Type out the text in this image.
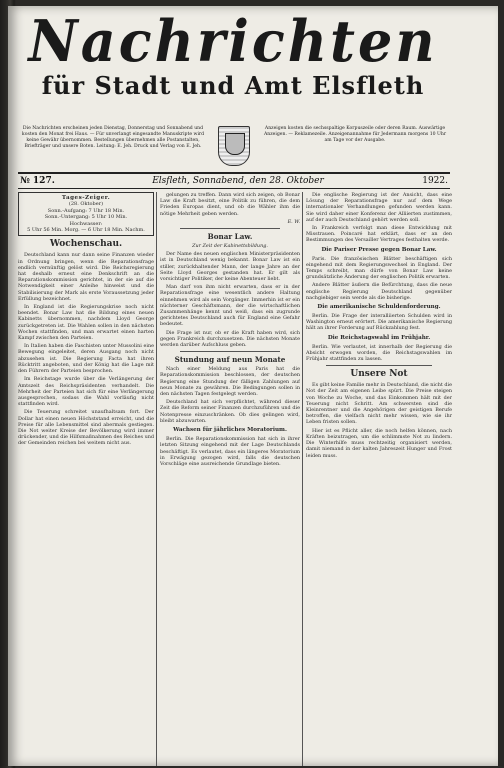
Nachrichten
für Stadt und Amt Elsfleth
Die Nachrichten erscheinen jeden Dienstag, Donnerstag und Sonnabend und kosten den Monat frei Haus. — Für unverlangt eingesandte Manuskripte wird keine Gewähr übernommen. Bestellungen übernehmen alle Postanstalten, Briefträger und unsere Boten. Leitung: E. Jeh. Druck und Verlag von E. Jeh.
Anzeigen kosten die sechsspaltige Korpuszeile oder deren Raum. Auswärtige Anzeigen. — Reklamezeile. Anzeigenannahme für Jedermann morgens 10 Uhr am Tage vor der Ausgabe.
№ 127.	Elsfleth, Sonnabend, den 28. Oktober	1922.
Tages-Zeiger.
(28. Oktober)
Sonn.-Aufgang: 7 Uhr 18 Min.
Sonn.-Untergang: 5 Uhr 10 Min.
Hochwasser:
5 Uhr 56 Min. Morg. — 6 Uhr 18 Min. Nachm.
Wochenschau.

Deutschland kann nur dann seine Finanzen wieder in Ordnung bringen, wenn die Reparationsfrage endlich vernünftig gelöst wird. Die Reichsregierung hat deshalb erneut eine Denkschrift an die Reparationskommission gerichtet, in der sie auf die Notwendigkeit einer Anleihe hinweist und die Stabilisierung der Mark als erste Voraussetzung jeder Erfüllung bezeichnet.

In England ist die Regierungskrise noch nicht beendet. Bonar Law hat die Bildung eines neuen Kabinetts übernommen, nachdem Lloyd George zurückgetreten ist. Die Wahlen sollen in den nächsten Wochen stattfinden, und man erwartet einen harten Kampf zwischen den Parteien.

In Italien haben die Faschisten unter Mussolini eine Bewegung eingeleitet, deren Ausgang noch nicht abzusehen ist. Die Regierung Facta hat ihren Rücktritt angeboten, und der König hat die Lage mit den Führern der Parteien besprochen.

Im Reichstage wurde über die Verlängerung der Amtszeit des Reichspräsidenten verhandelt. Die Mehrheit der Parteien hat sich für eine Verlängerung ausgesprochen, sodass die Wahl vorläufig nicht stattfinden wird.

Die Teuerung schreitet unaufhaltsam fort. Der Dollar hat einen neuen Höchststand erreicht, und die Preise für alle Lebensmittel sind abermals gestiegen. Die Not weiter Kreise der Bevölkerung wird immer drückender, und die Hilfsmaßnahmen des Reiches und der Gemeinden reichen bei weitem nicht aus.

gelungen zu treffen. Dann wird sich zeigen, ob Bonar Law die Kraft besitzt, eine Politik zu führen, die dem Frieden Europas dient, und ob die Wähler ihm die nötige Mehrheit geben werden.

E. W.
Bonar Law.
Zur Zeit der Kabinettsbildung.

Der Name des neuen englischen Ministerpräsidenten ist in Deutschland wenig bekannt. Bonar Law ist ein stiller, zurückhaltender Mann, der lange Jahre an der Seite Lloyd Georges gestanden hat. Er gilt als vorsichtiger Politiker, der keine Abenteuer liebt.

Man darf von ihm nicht erwarten, dass er in der Reparationsfrage eine wesentlich andere Haltung einnehmen wird als sein Vorgänger. Immerhin ist er ein nüchterner Geschäftsmann, der die wirtschaftlichen Zusammenhänge kennt und weiß, dass ein zugrunde gerichtetes Deutschland auch für England eine Gefahr bedeutet.

Die Frage ist nur, ob er die Kraft haben wird, sich gegen Frankreich durchzusetzen. Die nächsten Monate werden darüber Aufschluss geben.

Stundung auf neun Monate

Nach einer Meldung aus Paris hat die Reparationskommission beschlossen, der deutschen Regierung eine Stundung der fälligen Zahlungen auf neun Monate zu gewähren. Die Bedingungen sollen in den nächsten Tagen festgelegt werden.

Deutschland hat sich verpflichtet, während dieser Zeit die Reform seiner Finanzen durchzuführen und die Notenpresse einzuschränken. Ob dies gelingen wird, bleibt abzuwarten.

Wachsen für jährliches Moratorium.

Berlin. Die Reparationskommission hat sich in ihrer letzten Sitzung eingehend mit der Lage Deutschlands beschäftigt. Es verlautet, dass ein längeres Moratorium in Erwägung gezogen wird, falls die deutschen Vorschläge eine ausreichende Grundlage bieten.

Die englische Regierung ist der Ansicht, dass eine Lösung der Reparationsfrage nur auf dem Wege internationaler Verhandlungen gefunden werden kann. Sie wird daher einer Konferenz der Alliierten zustimmen, auf der auch Deutschland gehört werden soll.

In Frankreich verfolgt man diese Entwicklung mit Misstrauen. Poincaré hat erklärt, dass er an den Bestimmungen des Versailler Vertrages festhalten werde.

Die Pariser Presse gegen Bonar Law.

Paris. Die französischen Blätter beschäftigen sich eingehend mit dem Regierungswechsel in England. Der Temps schreibt, man dürfe von Bonar Law keine grundsätzliche Änderung der englischen Politik erwarten.

Andere Blätter äußern die Befürchtung, dass die neue englische Regierung Deutschland gegenüber nachgiebiger sein werde als die bisherige.

Die amerikanische Schuldenforderung.

Berlin. Die Frage der interalliierten Schulden wird in Washington erneut erörtert. Die amerikanische Regierung hält an ihrer Forderung auf Rückzahlung fest.

Die Reichstagswahl im Frühjahr.

Berlin. Wie verlautet, ist innerhalb der Regierung die Absicht erwogen worden, die Reichstagswahlen im Frühjahr stattfinden zu lassen.

Unsere Not

Es gibt keine Familie mehr in Deutschland, die nicht die Not der Zeit am eigenen Leibe spürt. Die Preise steigen von Woche zu Woche, und das Einkommen hält mit der Teuerung nicht Schritt. Am schwersten sind die Kleinrentner und die Angehörigen der geistigen Berufe betroffen, die vielfach nicht mehr wissen, wie sie ihr Leben fristen sollen.

Hier ist es Pflicht aller, die noch helfen können, nach Kräften beizutragen, um die schlimmste Not zu lindern. Die Winterhilfe muss rechtzeitig organisiert werden, damit niemand in der kalten Jahreszeit Hunger und Frost leiden muss.
